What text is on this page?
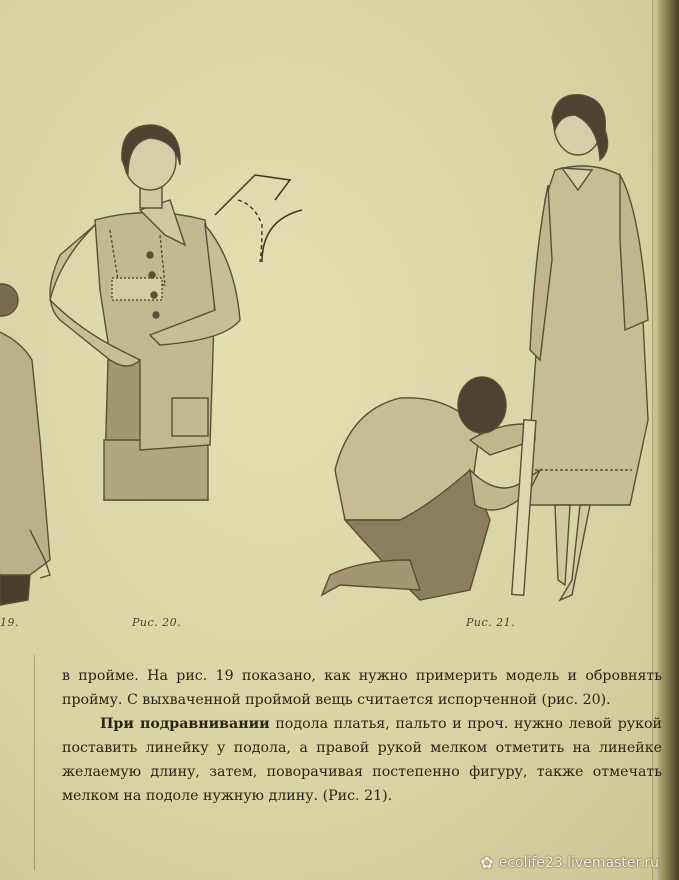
19.	Рис. 20.	Рис. 21.

в пройме. На рис. 19 показано, как нужно примерить модель и обровнять пройму. С выхваченной проймой вещь считается испорченной (рис. 20).

При подравнивании подола платья, пальто и проч. нужно левой рукой поставить линейку у подола, а правой рукой мелком отметить на линейке желаемую длину, затем, поворачивая постепенно фигуру, также отмечать мелком на подоле нужную длину. (Рис. 21).

✿ ecolife23.livemaster.ru
